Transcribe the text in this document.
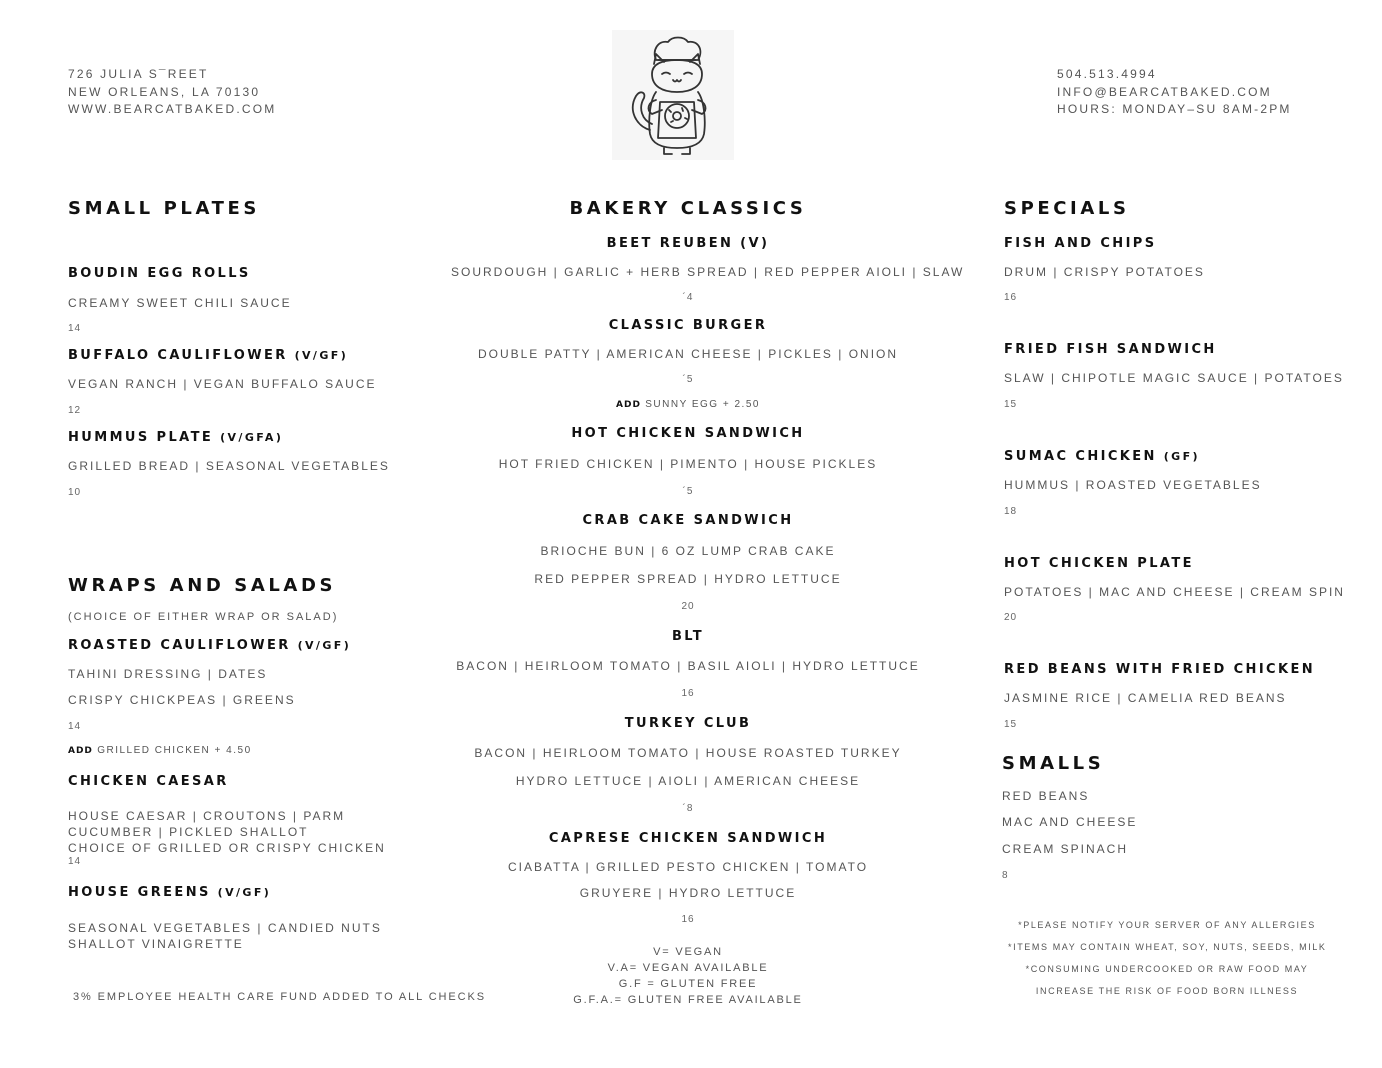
726 JULIA S¯REET
NEW ORLEANS, LA 70130
WWW.BEARCATBAKED.COM
504.513.4994
INFO@BEARCATBAKED.COM
HOURS: MONDAY–SU 8AM-2PM
SMALL PLATES
BOUDIN EGG ROLLS
CREAMY SWEET CHILI SAUCE
14
BUFFALO CAULIFLOWER (V/GF)
VEGAN RANCH | VEGAN BUFFALO SAUCE
12
HUMMUS PLATE (V/GFA)
GRILLED BREAD | SEASONAL VEGETABLES
10
WRAPS AND SALADS
(CHOICE OF EITHER WRAP OR SALAD)
ROASTED CAULIFLOWER (V/GF)
TAHINI DRESSING | DATES
CRISPY CHICKPEAS | GREENS
14
ADD GRILLED CHICKEN + 4.50
CHICKEN CAESAR
HOUSE CAESAR | CROUTONS | PARM
CUCUMBER | PICKLED SHALLOT
CHOICE OF GRILLED OR CRISPY CHICKEN
14
HOUSE GREENS (V/GF)
SEASONAL VEGETABLES | CANDIED NUTS
SHALLOT VINAIGRETTE
3% EMPLOYEE HEALTH CARE FUND ADDED TO ALL CHECKS
BAKERY CLASSICS
BEET REUBEN (V)
SOURDOUGH | GARLIC + HERB SPREAD | RED PEPPER AIOLI | SLAW
´4
CLASSIC BURGER
DOUBLE PATTY | AMERICAN CHEESE | PICKLES | ONION
´5
ADD SUNNY EGG + 2.50
HOT CHICKEN SANDWICH
HOT FRIED CHICKEN | PIMENTO | HOUSE PICKLES
´5
CRAB CAKE SANDWICH
BRIOCHE BUN | 6 OZ LUMP CRAB CAKE
RED PEPPER SPREAD | HYDRO LETTUCE
20
BLT
BACON | HEIRLOOM TOMATO | BASIL AIOLI | HYDRO LETTUCE
16
TURKEY CLUB
BACON | HEIRLOOM TOMATO | HOUSE ROASTED TURKEY
HYDRO LETTUCE | AIOLI | AMERICAN CHEESE
´8
CAPRESE CHICKEN SANDWICH
CIABATTA | GRILLED PESTO CHICKEN | TOMATO
GRUYERE | HYDRO LETTUCE
16
V= VEGAN
V.A= VEGAN AVAILABLE
G.F = GLUTEN FREE
G.F.A.= GLUTEN FREE AVAILABLE
SPECIALS
FISH AND CHIPS
DRUM | CRISPY POTATOES
16
FRIED FISH SANDWICH
SLAW | CHIPOTLE MAGIC SAUCE | POTATOES
15
SUMAC CHICKEN (GF)
HUMMUS | ROASTED VEGETABLES
18
HOT CHICKEN PLATE
POTATOES | MAC AND CHEESE | CREAM SPIN
20
RED BEANS WITH FRIED CHICKEN
JASMINE RICE | CAMELIA RED BEANS
15
SMALLS
RED BEANS
MAC AND CHEESE
CREAM SPINACH
8
*PLEASE NOTIFY YOUR SERVER OF ANY ALLERGIES
*ITEMS MAY CONTAIN WHEAT, SOY, NUTS, SEEDS, MILK
*CONSUMING UNDERCOOKED OR RAW FOOD MAY
INCREASE THE RISK OF FOOD BORN ILLNESS
